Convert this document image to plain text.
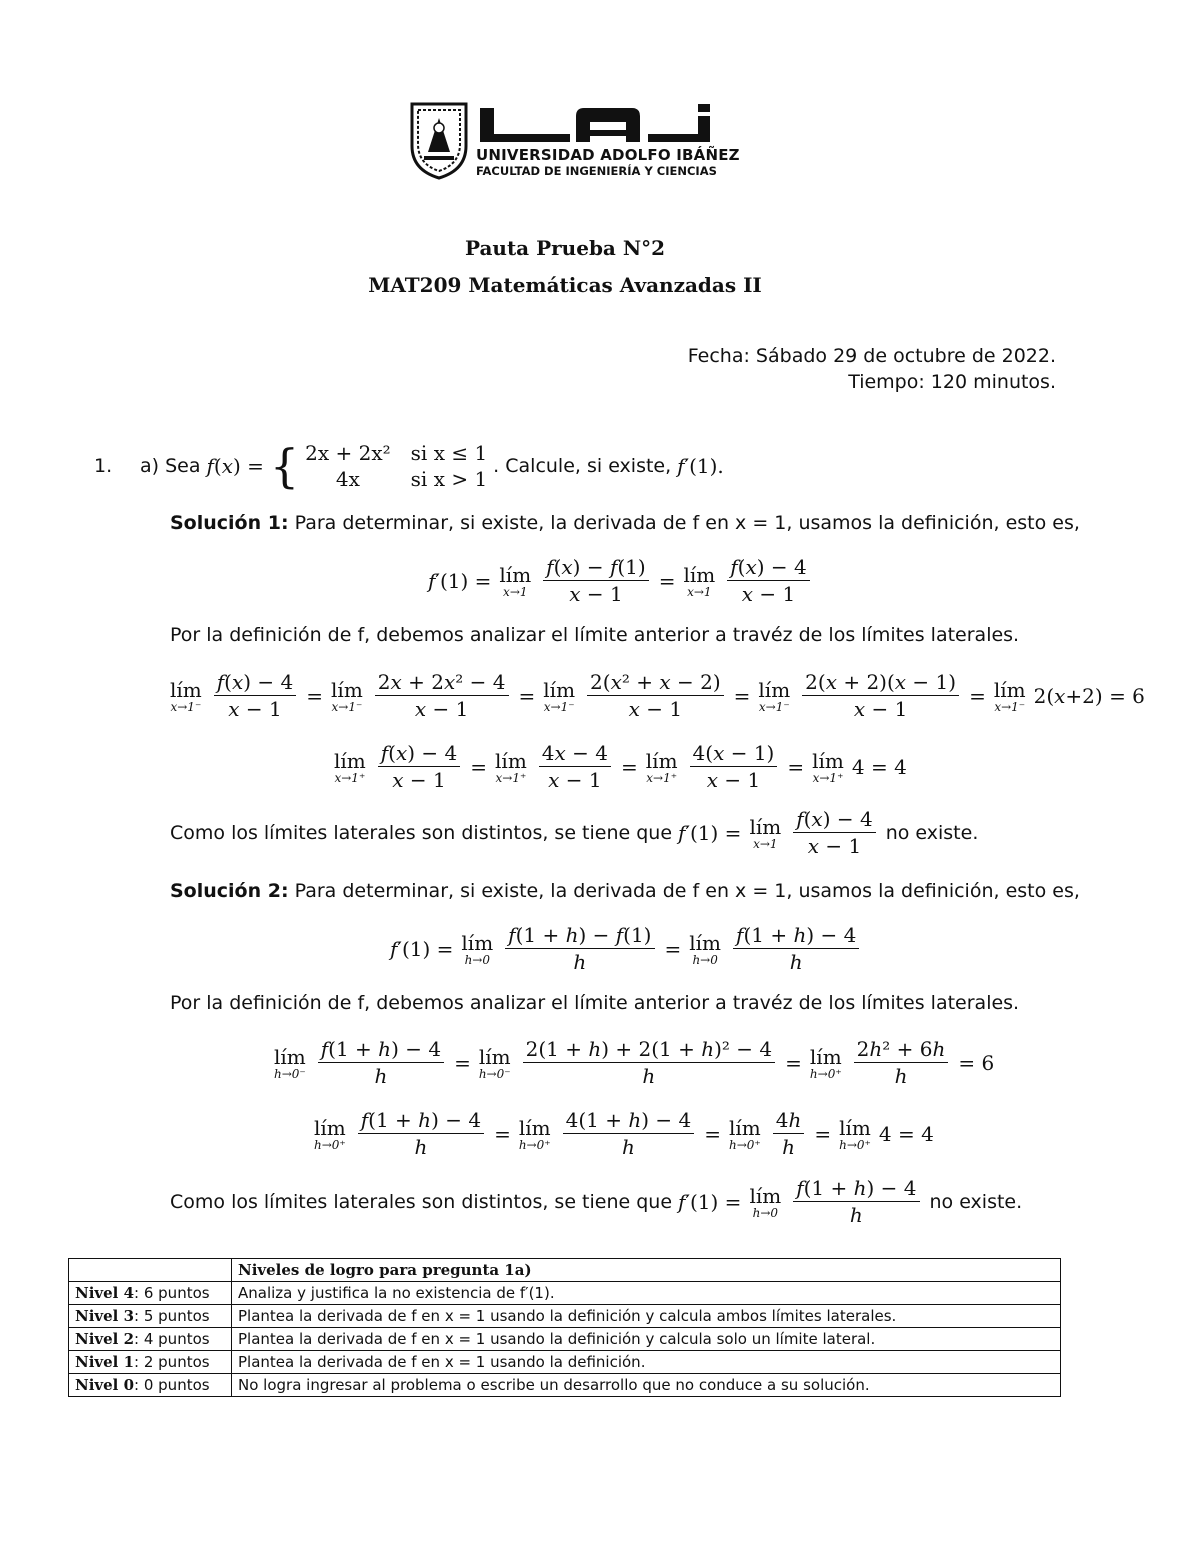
UNIVERSIDAD ADOLFO IBÁÑEZ
FACULTAD DE INGENIERÍA Y CIENCIAS
Pauta Prueba N°2
MAT209 Matemáticas Avanzadas II
Fecha: Sábado 29 de octubre de 2022.
Tiempo: 120 minutos.
1. a) Sea f(x) = { 2x + 2x² si x ≤ 1
4x	si x > 1
. Calcule, si existe, f′(1).
Solución 1: Para determinar, si existe, la derivada de f en x = 1, usamos la definición, esto es,
f′(1) = lím
$x\to 1 \frac{f(x) - f(1)}{x - 1}$ = lím
$x\to 1 \frac{f(x) - 4}{x - 1}$
Por la definición de f, debemos analizar el límite anterior a travéz de los límites laterales.
lím
$x\to 1^- \frac{f(x) - 4}{x - 1}$ = lím
$x\to 1^- \frac{\text{2x + 2x² − 4}}{x - 1}$ = lím
$x\to 1^- \frac{\text{2(x² + x − 2)}}{x - 1}$ = lím
$x\to 1^- \frac{2(x + 2)(x - 1)}{x - 1}$ = lím
x→1⁻ 2(x+2) = 6
lím
$x\to 1^+ \frac{f(x) - 4}{x - 1}$ = lím
$x\to 1^+ \frac{4x - 4}{x - 1}$ = lím
$x\to 1^+ \frac{4(x - 1)}{x - 1}$ = lím
x→1⁺ 4 = 4
Como los límites laterales son distintos, se tiene que f′(1) = lím
$x\to 1 \frac{f(x) - 4}{x - 1}$ no existe.
Solución 2: Para determinar, si existe, la derivada de f en x = 1, usamos la definición, esto es,
f′(1) = lím
$h\to 0 \frac{f(1 + h) - f(1)}{h}$ = lím
$h\to 0 \frac{f(1 + h) - 4}{h}$
Por la definición de f, debemos analizar el límite anterior a travéz de los límites laterales.
lím
$h\to 0^- \frac{f(1 + h) - 4}{h}$ = lím
$h\to 0^- \frac{\text{2(1 + h) + 2(1 + h)² − 4}}{h}$ = lím
$h\to 0^+ \frac{\text{2h² + 6h}}{h} = 6$
lím
$h\to 0^+ \frac{f(1 + h) - 4}{h}$ = lím
$h\to 0^+ \frac{4(1 + h) - 4}{h}$ = lím
$h\to 0^+ \frac{4h}{h}$ = lím
h→0⁺ 4 = 4
Como los límites laterales son distintos, se tiene que f′(1) = lím
$h\to 0 \frac{f(1 + h) - 4}{h}$ no existe.
	Niveles de logro para pregunta 1a)
Nivel 4: 6 puntos	Analiza y justifica la no existencia de f′(1).
Nivel 3: 5 puntos	Plantea la derivada de f en x = 1 usando la definición y calcula ambos límites laterales.
Nivel 2: 4 puntos	Plantea la derivada de f en x = 1 usando la definición y calcula solo un límite lateral.
Nivel 1: 2 puntos	Plantea la derivada de f en x = 1 usando la definición.
Nivel 0: 0 puntos	No logra ingresar al problema o escribe un desarrollo que no conduce a su solución.
